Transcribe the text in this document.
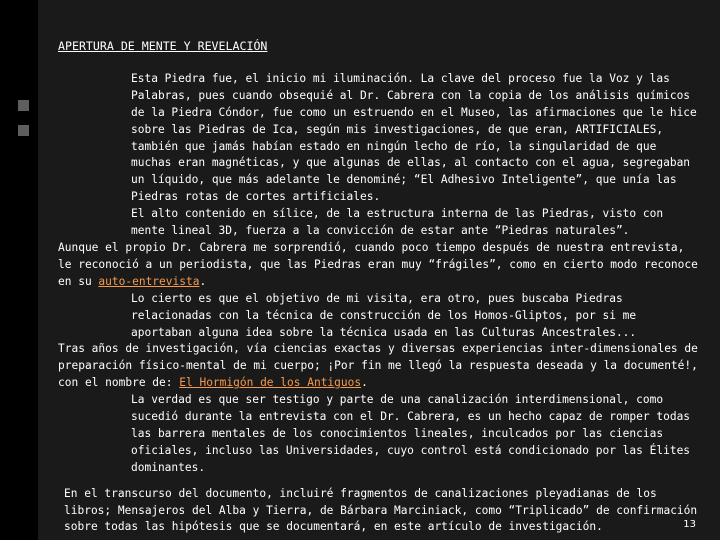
APERTURA DE MENTE Y REVELACIÓN

Esta Piedra fue, el inicio mi iluminación. La clave del proceso fue la Voz y las Palabras, pues cuando obsequié al Dr. Cabrera con la copia de los análisis químicos de la Piedra Cóndor, fue como un estruendo en el Museo, las afirmaciones que le hice sobre las Piedras de Ica, según mis investigaciones, de que eran, ARTIFICIALES, también que jamás habían estado en ningún lecho de río, la singularidad de que muchas eran magnéticas, y que algunas de ellas, al contacto con el agua, segregaban un líquido, que más adelante le denominé; “El Adhesivo Inteligente”, que unía las Piedras rotas de cortes artificiales.

El alto contenido en sílice, de la estructura interna de las Piedras, visto con mente lineal 3D, fuerza a la convicción de estar ante “Piedras naturales”.

Aunque el propio Dr. Cabrera me sorprendió, cuando poco tiempo después de nuestra entrevista, le reconoció a un periodista, que las Piedras eran muy “frágiles”, como en cierto modo reconoce en su auto-entrevista.

Lo cierto es que el objetivo de mi visita, era otro, pues buscaba Piedras relacionadas con la técnica de construcción de los Homos-Gliptos, por si me aportaban alguna idea sobre la técnica usada en las Culturas Ancestrales...

Tras años de investigación, vía ciencias exactas y diversas experiencias inter-dimensionales de preparación físico-mental de mi cuerpo; ¡Por fin me llegó la respuesta deseada y la documenté!, con el nombre de: El Hormigón de los Antiguos.

La verdad es que ser testigo y parte de una canalización interdimensional, como sucedió durante la entrevista con el Dr. Cabrera, es un hecho capaz de romper todas las barrera mentales de los conocimientos lineales, inculcados por las ciencias oficiales, incluso las Universidades, cuyo control está condicionado por las Élites dominantes.

En el transcurso del documento, incluiré fragmentos de canalizaciones pleyadianas de los libros; Mensajeros del Alba y Tierra, de Bárbara Marciniack, como “Triplicado” de confirmación sobre todas las hipótesis que se documentará, en este artículo de investigación.	13
